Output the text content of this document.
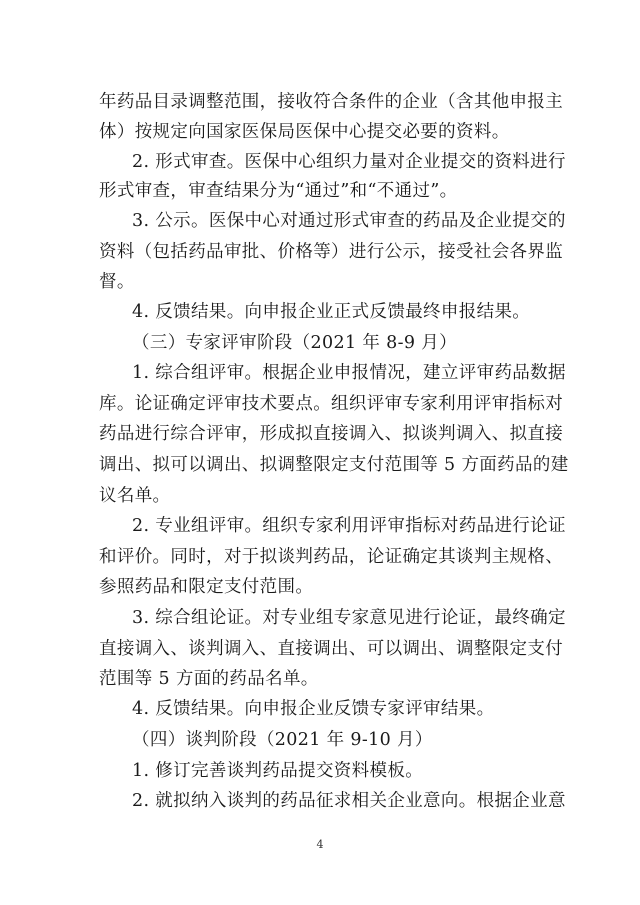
年药品目录调整范围，接收符合条件的企业（含其他申报主
体）按规定向国家医保局医保中心提交必要的资料。
2. 形式审查。医保中心组织力量对企业提交的资料进行
形式审查，审查结果分为“通过”和“不通过”。
3. 公示。医保中心对通过形式审查的药品及企业提交的
资料（包括药品审批、价格等）进行公示，接受社会各界监
督。
4. 反馈结果。向申报企业正式反馈最终申报结果。
（三）专家评审阶段（2021 年 8-9 月）
1. 综合组评审。根据企业申报情况，建立评审药品数据
库。论证确定评审技术要点。组织评审专家利用评审指标对
药品进行综合评审，形成拟直接调入、拟谈判调入、拟直接
调出、拟可以调出、拟调整限定支付范围等 5 方面药品的建
议名单。
2. 专业组评审。组织专家利用评审指标对药品进行论证
和评价。同时，对于拟谈判药品，论证确定其谈判主规格、
参照药品和限定支付范围。
3. 综合组论证。对专业组专家意见进行论证，最终确定
直接调入、谈判调入、直接调出、可以调出、调整限定支付
范围等 5 方面的药品名单。
4. 反馈结果。向申报企业反馈专家评审结果。
（四）谈判阶段（2021 年 9-10 月）
1. 修订完善谈判药品提交资料模板。
2. 就拟纳入谈判的药品征求相关企业意向。根据企业意
4
